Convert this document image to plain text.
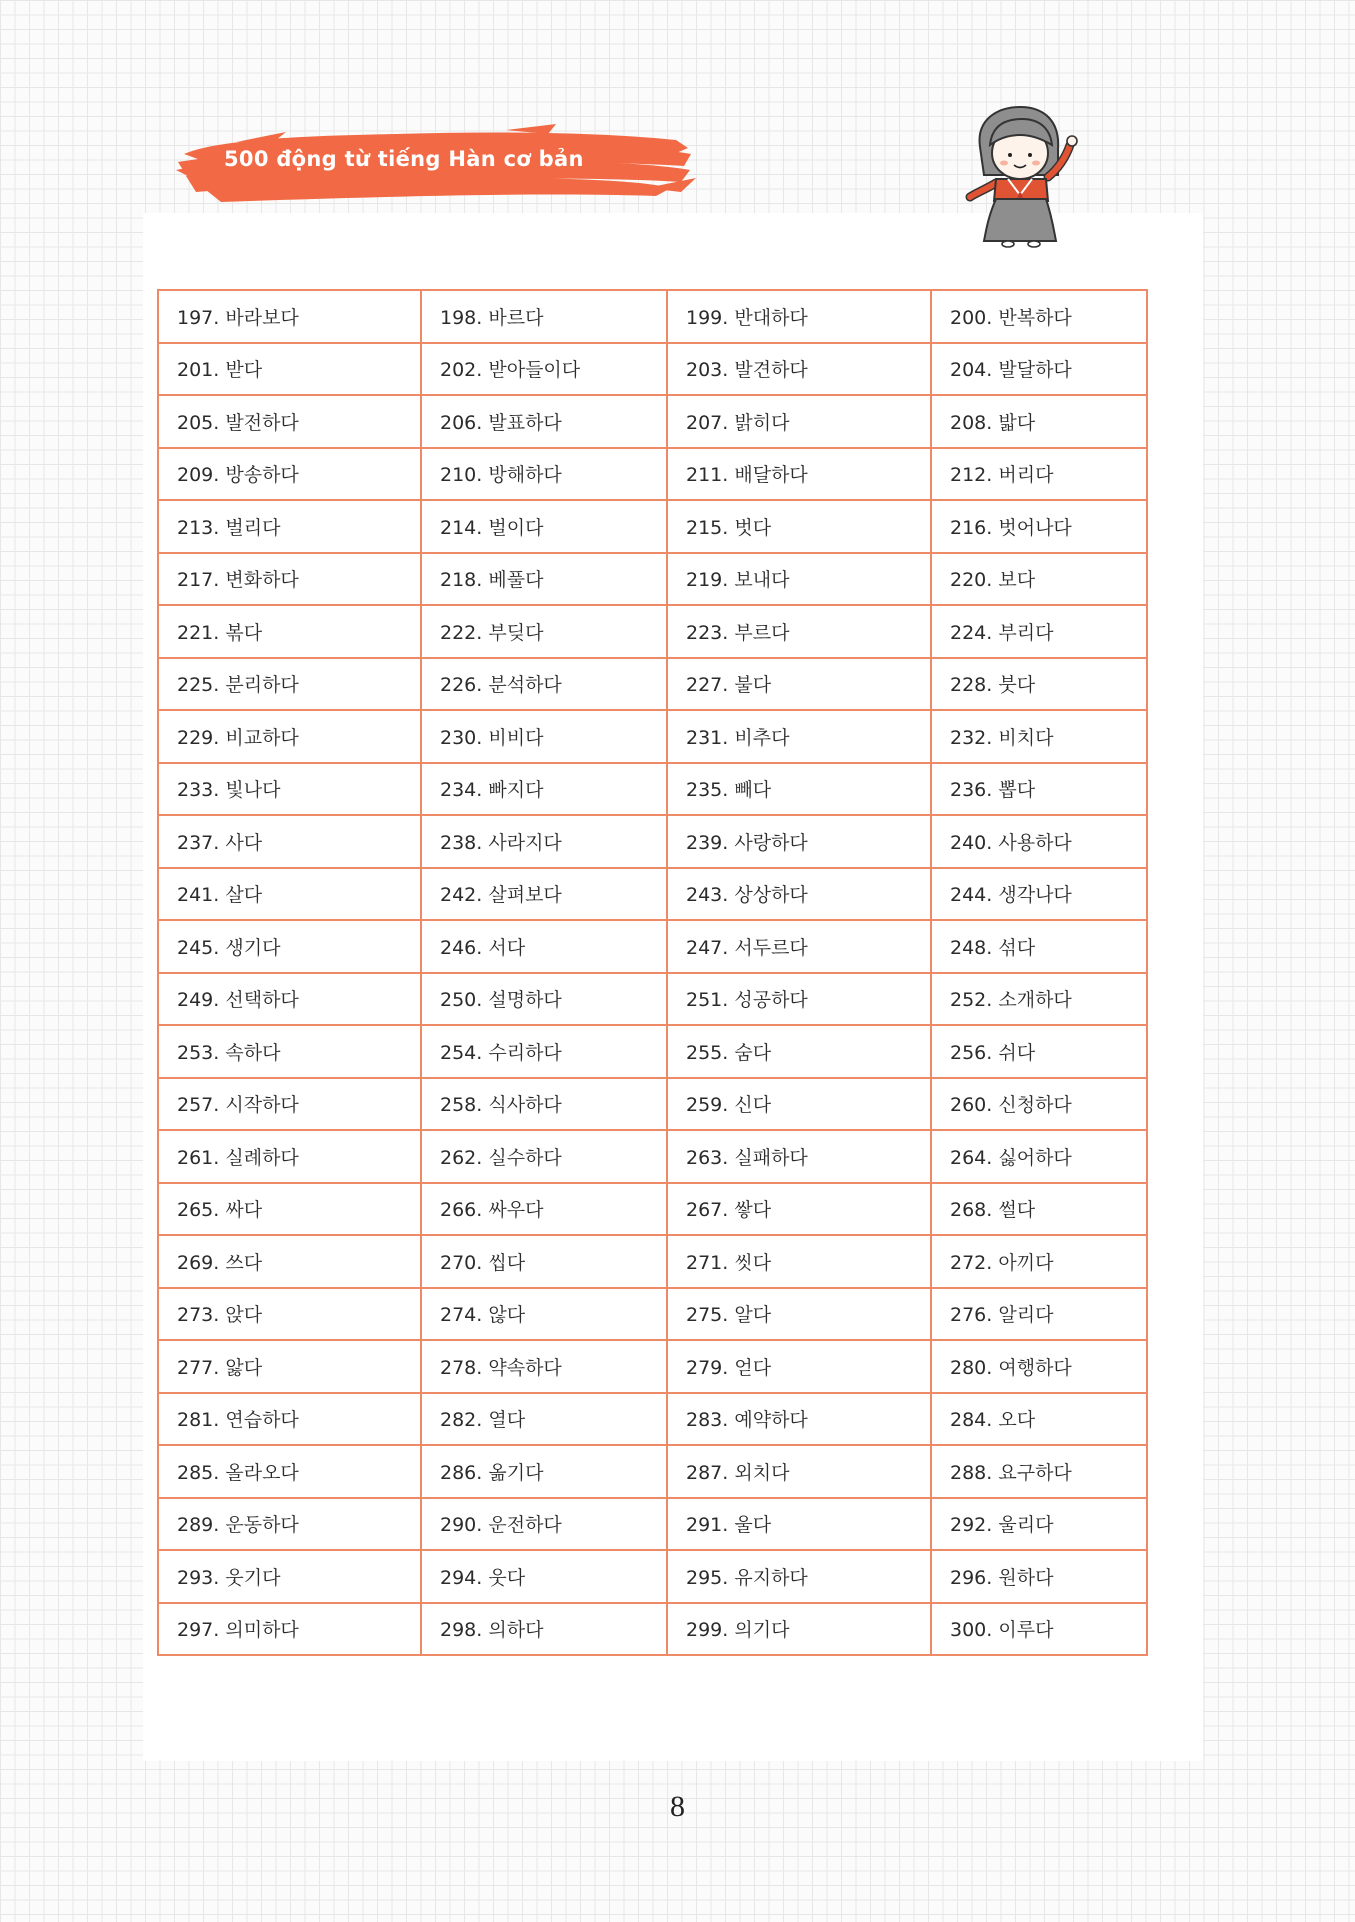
500 động từ tiếng Hàn cơ bản
197. 바라보다	198. 바르다	199. 반대하다	200. 반복하다
201. 받다	202. 받아들이다	203. 발견하다	204. 발달하다
205. 발전하다	206. 발표하다	207. 밝히다	208. 밟다
209. 방송하다	210. 방해하다	211. 배달하다	212. 버리다
213. 벌리다	214. 벌이다	215. 벗다	216. 벗어나다
217. 변화하다	218. 베풀다	219. 보내다	220. 보다
221. 볶다	222. 부딪다	223. 부르다	224. 부리다
225. 분리하다	226. 분석하다	227. 불다	228. 붓다
229. 비교하다	230. 비비다	231. 비추다	232. 비치다
233. 빛나다	234. 빠지다	235. 빼다	236. 뽑다
237. 사다	238. 사라지다	239. 사랑하다	240. 사용하다
241. 살다	242. 살펴보다	243. 상상하다	244. 생각나다
245. 생기다	246. 서다	247. 서두르다	248. 섞다
249. 선택하다	250. 설명하다	251. 성공하다	252. 소개하다
253. 속하다	254. 수리하다	255. 숨다	256. 쉬다
257. 시작하다	258. 식사하다	259. 신다	260. 신청하다
261. 실례하다	262. 실수하다	263. 실패하다	264. 싫어하다
265. 싸다	266. 싸우다	267. 쌓다	268. 썰다
269. 쓰다	270. 씹다	271. 씻다	272. 아끼다
273. 앉다	274. 않다	275. 알다	276. 알리다
277. 앓다	278. 약속하다	279. 얻다	280. 여행하다
281. 연습하다	282. 열다	283. 예약하다	284. 오다
285. 올라오다	286. 옮기다	287. 외치다	288. 요구하다
289. 운동하다	290. 운전하다	291. 울다	292. 울리다
293. 웃기다	294. 웃다	295. 유지하다	296. 원하다
297. 의미하다	298. 의하다	299. 의기다	300. 이루다
8
